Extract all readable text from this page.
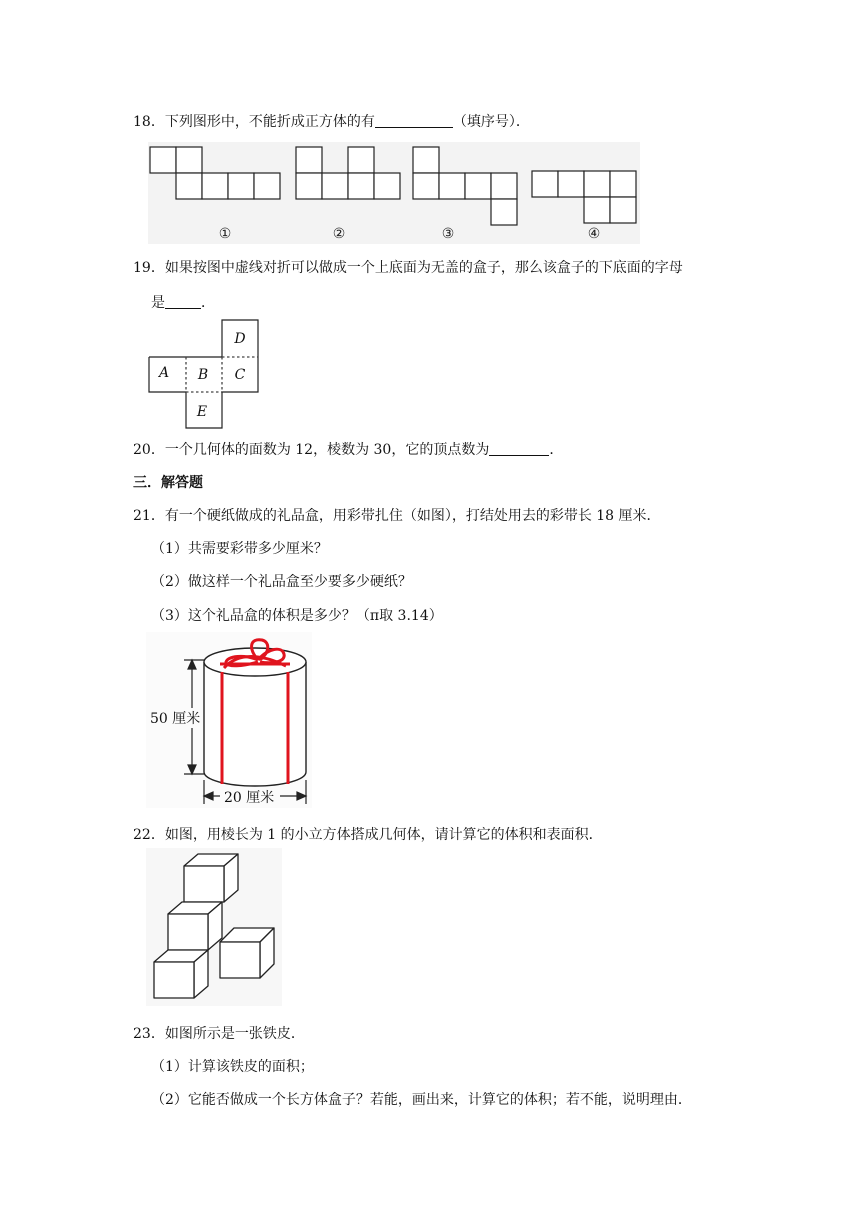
18．下列图形中，不能折成正方体的有	（填序号）．
①	②	③	④
19．如果按图中虚线对折可以做成一个上底面为无盖的盒子，那么该盒子的下底面的字母
是	．
D
A B C
E
20．一个几何体的面数为 12，棱数为 30，它的顶点数为	．
三．解答题
21．有一个硬纸做成的礼品盒，用彩带扎住（如图），打结处用去的彩带长 18 厘米．
（1）共需要彩带多少厘米？
（2）做这样一个礼品盒至少要多少硬纸？
（3）这个礼品盒的体积是多少？（π取 3.14）
50 厘米
20 厘米
22．如图，用棱长为 1 的小立方体搭成几何体，请计算它的体积和表面积．
23．如图所示是一张铁皮．
（1）计算该铁皮的面积；
（2）它能否做成一个长方体盒子？若能，画出来，计算它的体积；若不能，说明理由．
